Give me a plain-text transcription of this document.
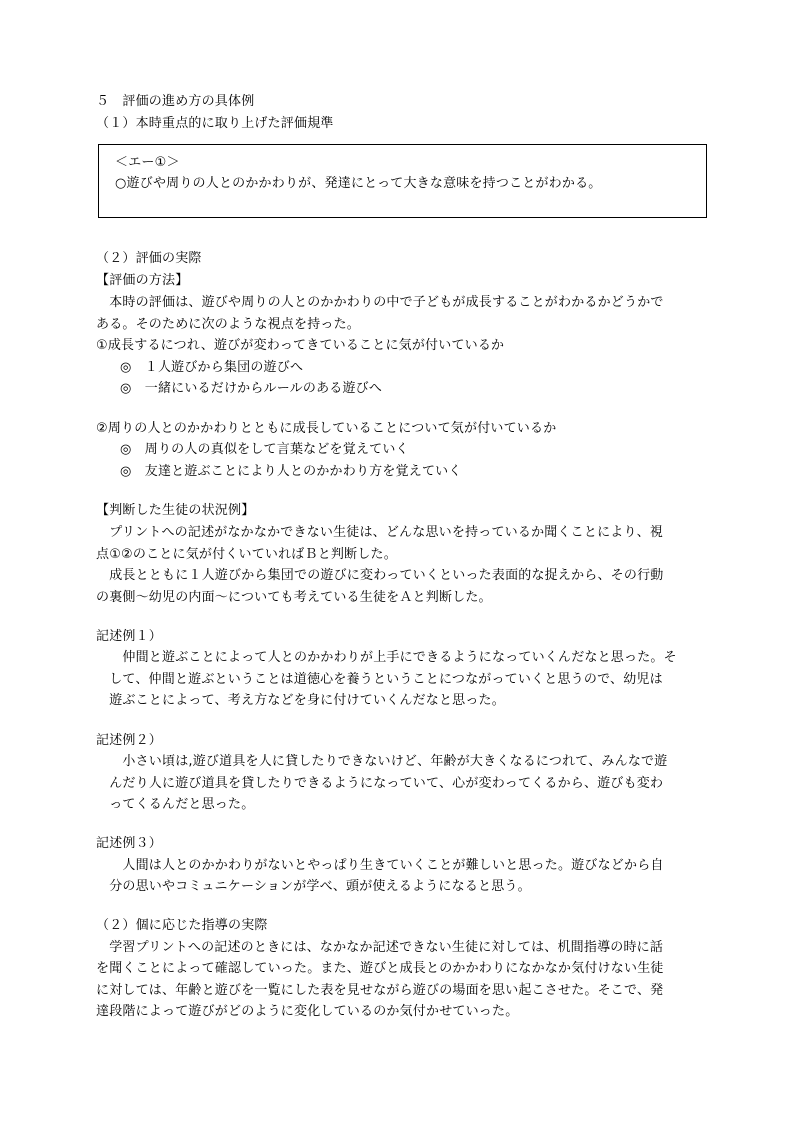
５　評価の進め方の具体例
（１）本時重点的に取り上げた評価規準
＜エー①＞
○遊びや周りの人とのかかわりが、発達にとって大きな意味を持つことがわかる。
（２）評価の実際
【評価の方法】
　本時の評価は、遊びや周りの人とのかかわりの中で子どもが成長することがわかるかどうかで
ある。そのために次のような視点を持った。
①成長するにつれ、遊びが変わってきていることに気が付いているか
◎　１人遊びから集団の遊びへ
◎　一緒にいるだけからルールのある遊びへ
②周りの人とのかかわりとともに成長していることについて気が付いているか
◎　周りの人の真似をして言葉などを覚えていく
◎　友達と遊ぶことにより人とのかかわり方を覚えていく
【判断した生徒の状況例】
　プリントへの記述がなかなかできない生徒は、どんな思いを持っているか聞くことにより、視
点①②のことに気が付くいていればＢと判断した。
　成長とともに１人遊びから集団での遊びに変わっていくといった表面的な捉えから、その行動
の裏側～幼児の内面～についても考えている生徒をＡと判断した。
記述例１）
　　仲間と遊ぶことによって人とのかかわりが上手にできるようになっていくんだなと思った。そ
　して、仲間と遊ぶということは道徳心を養うということにつながっていくと思うので、幼児は
　遊ぶことによって、考え方などを身に付けていくんだなと思った。
記述例２）
　　小さい頃は,遊び道具を人に貸したりできないけど、年齢が大きくなるにつれて、みんなで遊
　んだり人に遊び道具を貸したりできるようになっていて、心が変わってくるから、遊びも変わ
　ってくるんだと思った。
記述例３）
　　人間は人とのかかわりがないとやっぱり生きていくことが難しいと思った。遊びなどから自
　分の思いやコミュニケーションが学べ、頭が使えるようになると思う。
（２）個に応じた指導の実際
　学習プリントへの記述のときには、なかなか記述できない生徒に対しては、机間指導の時に話
を聞くことによって確認していった。また、遊びと成長とのかかわりになかなか気付けない生徒
に対しては、年齢と遊びを一覧にした表を見せながら遊びの場面を思い起こさせた。そこで、発
達段階によって遊びがどのように変化しているのか気付かせていった。
